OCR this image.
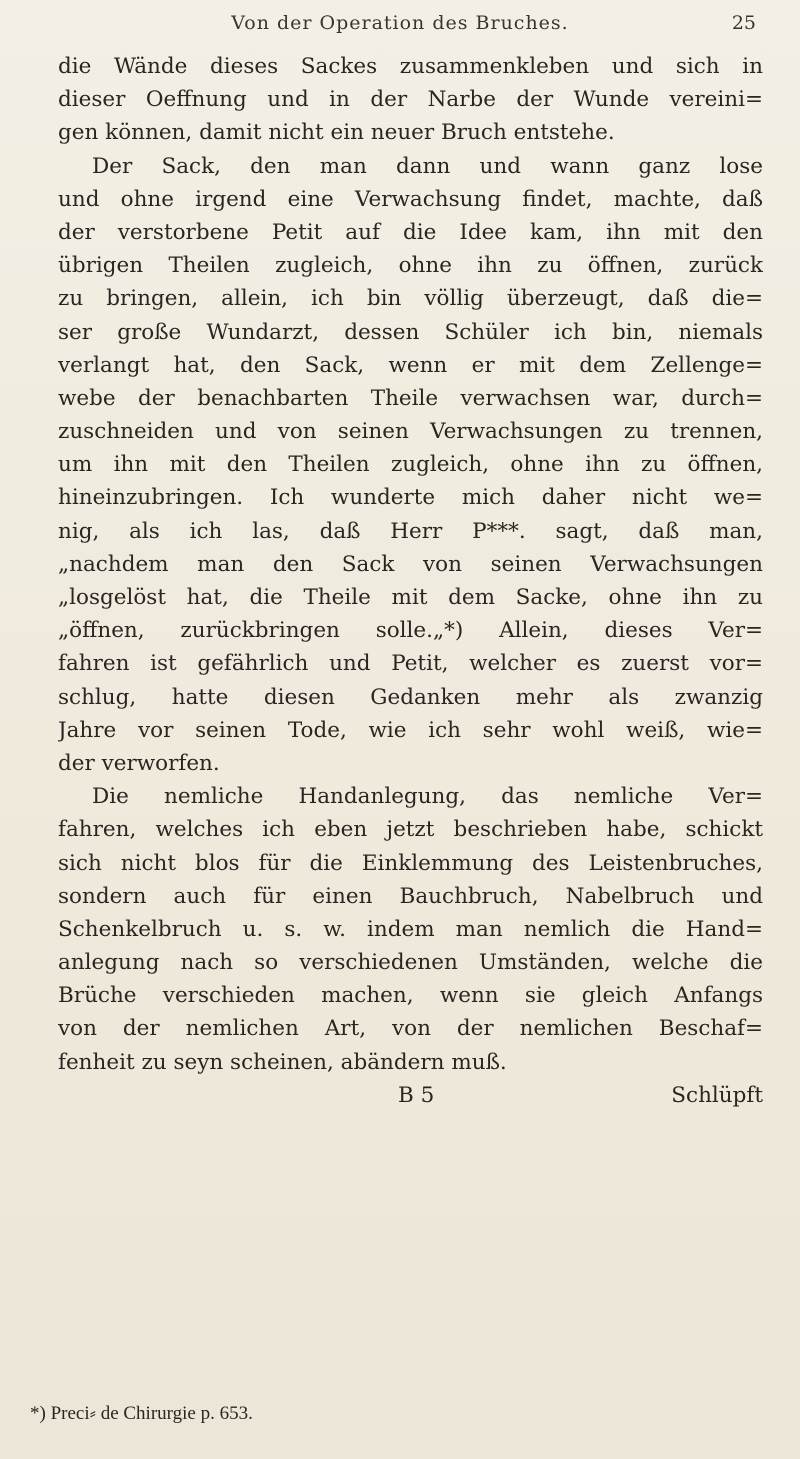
Von der Operation des Bruches.	25
die Wände dieses Sackes zusammenkleben und sich in
dieser Oeffnung und in der Narbe der Wunde vereini=
gen können, damit nicht ein neuer Bruch entstehe.
Der Sack, den man dann und wann ganz lose
und ohne irgend eine Verwachsung findet, machte, daß
der verstorbene Petit auf die Idee kam, ihn mit den
übrigen Theilen zugleich, ohne ihn zu öffnen, zurück
zu bringen, allein, ich bin völlig überzeugt, daß die=
ser große Wundarzt, dessen Schüler ich bin, niemals
verlangt hat, den Sack, wenn er mit dem Zellenge=
webe der benachbarten Theile verwachsen war, durch=
zuschneiden und von seinen Verwachsungen zu trennen,
um ihn mit den Theilen zugleich, ohne ihn zu öffnen,
hineinzubringen. Ich wunderte mich daher nicht we=
nig, als ich las, daß Herr P***. sagt, daß man,
„nachdem man den Sack von seinen Verwachsungen
„losgelöst hat, die Theile mit dem Sacke, ohne ihn zu
„öffnen, zurückbringen solle.„*) Allein, dieses Ver=
fahren ist gefährlich und Petit, welcher es zuerst vor=
schlug, hatte diesen Gedanken mehr als zwanzig
Jahre vor seinen Tode, wie ich sehr wohl weiß, wie=
der verworfen.
Die nemliche Handanlegung, das nemliche Ver=
fahren, welches ich eben jetzt beschrieben habe, schickt
sich nicht blos für die Einklemmung des Leistenbruches,
sondern auch für einen Bauchbruch, Nabelbruch und
Schenkelbruch u. s. w. indem man nemlich die Hand=
anlegung nach so verschiedenen Umständen, welche die
Brüche verschieden machen, wenn sie gleich Anfangs
von der nemlichen Art, von der nemlichen Beschaf=
fenheit zu seyn scheinen, abändern muß.
B 5	Schlüpft
*) Preci⸗ de Chirurgie p. 653.
